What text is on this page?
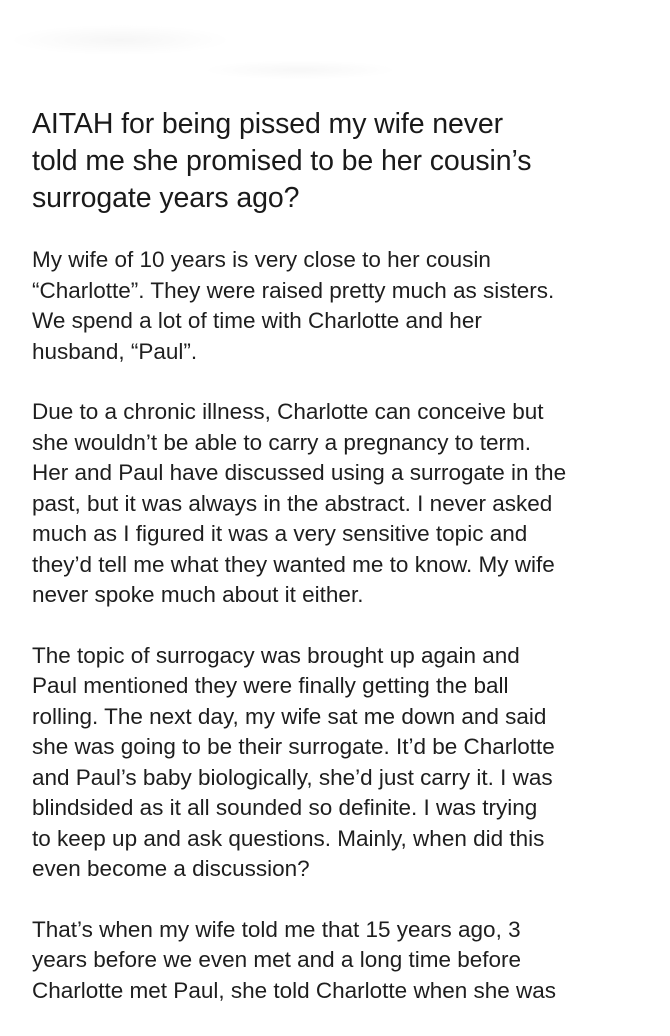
AITAH for being pissed my wife never
told me she promised to be her cousin’s
surrogate years ago?

My wife of 10 years is very close to her cousin
“Charlotte”. They were raised pretty much as sisters.
We spend a lot of time with Charlotte and her
husband, “Paul”.

Due to a chronic illness, Charlotte can conceive but
she wouldn’t be able to carry a pregnancy to term.
Her and Paul have discussed using a surrogate in the
past, but it was always in the abstract. I never asked
much as I figured it was a very sensitive topic and
they’d tell me what they wanted me to know. My wife
never spoke much about it either.

The topic of surrogacy was brought up again and
Paul mentioned they were finally getting the ball
rolling. The next day, my wife sat me down and said
she was going to be their surrogate. It’d be Charlotte
and Paul’s baby biologically, she’d just carry it. I was
blindsided as it all sounded so definite. I was trying
to keep up and ask questions. Mainly, when did this
even become a discussion?

That’s when my wife told me that 15 years ago, 3
years before we even met and a long time before
Charlotte met Paul, she told Charlotte when she was
